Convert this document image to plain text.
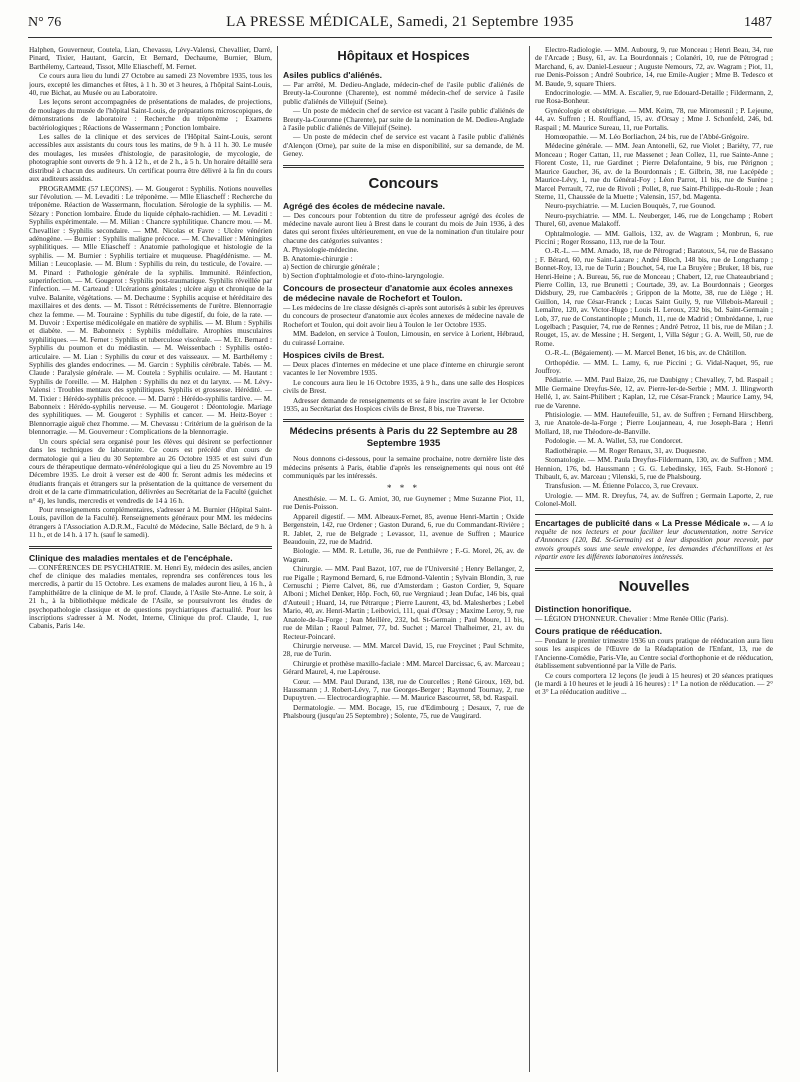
N° 76	LA PRESSE MÉDICALE, Samedi, 21 Septembre 1935	1487

Halphen, Gouverneur, Coutela, Lian, Chevassu, Lévy-Valensi, Chevallier, Darré, Pinard, Tixier, Hautant, Garcin, Et Bernard, Dechaume, Burnier, Blum, Barthélemy, Carteaud, Tissot, Mlle Eliascheff, M. Fernet.

Ce cours aura lieu du lundi 27 Octobre au samedi 23 Novembre 1935, tous les jours, excepté les dimanches et fêtes, à 1 h. 30 et 3 heures, à l'hôpital Saint-Louis, 40, rue Bichat, au Musée ou au Laboratoire.

Les leçons seront accompagnées de présentations de malades, de projections, de moulages du musée de l'hôpital Saint-Louis, de préparations microscopiques, de démonstrations de laboratoire : Recherche du tréponème ; Examens bactériologiques ; Réactions de Wassermann ; Ponction lombaire.

Les salles de la clinique et des services de l'Hôpital Saint-Louis, seront accessibles aux assistants du cours tous les matins, de 9 h. à 11 h. 30. Le musée des moulages, les musées d'histologie, de parasitologie, de mycologie, de photographie sont ouverts de 9 h. à 12 h., et de 2 h., à 5 h. Un horaire détaillé sera distribué à chacun des auditeurs. Un certificat pourra être délivré à la fin du cours aux auditeurs assidus.

PROGRAMME (57 LEÇONS). — M. Gougerot : Syphilis. Notions nouvelles sur l'évolution. — M. Levaditi : Le tréponème. — Mlle Eliascheff : Recherche du tréponème. Réaction de Wassermann, floculation. Sérologie de la syphilis. — M. Sézary : Ponction lombaire. Étude du liquide céphalo-rachidien. — M. Levaditi : Syphilis expérimentale. — M. Milian : Chancre syphilitique. Chancre mou. — M. Chevallier : Syphilis secondaire. — MM. Nicolas et Favre : Ulcère vénérien adénogène. — Burnier : Syphilis maligne précoce. — M. Chevallier : Méningites syphilitiques. — Mlle Eliascheff : Anatomie pathologique et histologie de la syphilis. — M. Burnier : Syphilis tertiaire et muqueuse. Phagédénisme. — M. Milian : Leucoplasie. — M. Blum : Syphilis du rein, du testicule, de l'ovaire. — M. Pinard : Pathologie générale de la syphilis. Immunité. Réinfection, superinfection. — M. Gougerot : Syphilis post-traumatique. Syphilis réveillée par l'infection. — M. Carteaud : Ulcérations génitales ; ulcère aigu et chronique de la vulve. Balanite, végétations. — M. Dechaume : Syphilis acquise et héréditaire des maxillaires et des dents. — M. Tissot : Rétrécissements de l'urètre. Blennorragie chez la femme. — M. Touraine : Syphilis du tube digestif, du foie, de la rate. — M. Duvoir : Expertise médicolégale en matière de syphilis. — M. Blum : Syphilis et diabète. — M. Babonneix : Syphilis médullaire. Atrophies musculaires syphilitiques. — M. Fernet : Syphilis et tuberculose viscérale. — M. Et. Bernard : Syphilis du poumon et du médiastin. — M. Weissenbach : Syphilis ostéo-articulaire. — M. Lian : Syphilis du cœur et des vaisseaux. — M. Barthélemy : Syphilis des glandes endocrines. — M. Garcin : Syphilis cérébrale. Tabès. — M. Claude : Paralysie générale. — M. Coutela : Syphilis oculaire. — M. Hautant : Syphilis de l'oreille. — M. Halphen : Syphilis du nez et du larynx. — M. Lévy-Valensi : Troubles mentaux des syphilitiques. Syphilis et grossesse. Hérédité. — M. Tixier : Hérédo-syphilis précoce. — M. Darré : Hérédo-syphilis tardive. — M. Babonneix : Hérédo-syphilis nerveuse. — M. Gougerot : Déontologie. Mariage des syphilitiques. — M. Gougerot : Syphilis et cancer. — M. Heitz-Boyer : Blennorragie aiguë chez l'homme. — M. Chevassu : Critérium de la guérison de la blennorragie. — M. Gouverneur : Complications de la blennorragie.

Un cours spécial sera organisé pour les élèves qui désirent se perfectionner dans les techniques de laboratoire. Ce cours est précédé d'un cours de dermatologie qui a lieu du 30 Septembre au 26 Octobre 1935 et est suivi d'un cours de thérapeutique dermato-vénéréologique qui a lieu du 25 Novembre au 19 Décembre 1935. Le droit à verser est de 400 fr. Seront admis les médecins et étudiants français et étrangers sur la présentation de la quittance de versement du droit et de la carte d'immatriculation, délivrées au Secrétariat de la Faculté (guichet n° 4), les lundis, mercredis et vendredis de 14 à 16 h.

Pour renseignements complémentaires, s'adresser à M. Burnier (Hôpital Saint-Louis, pavillon de la Faculté). Renseignements généraux pour MM. les médecins étrangers à l'Association A.D.R.M., Faculté de Médecine, Salle Béclard, de 9 h. à 11 h., et de 14 h. à 17 h. (sauf le samedi).

Clinique des maladies mentales et de l'encéphale.

— CONFÉRENCES DE PSYCHIATRIE. M. Henri Ey, médecin des asiles, ancien chef de clinique des maladies mentales, reprendra ses conférences tous les mercredis, à partir du 15 Octobre. Les examens de malades auront lieu, à 16 h., à l'amphithéâtre de la clinique de M. le prof. Claude, à l'Asile Ste-Anne. Le soir, à 21 h., à la bibliothèque médicale de l'Asile, se poursuivront les études de psychopathologie classique et de questions psychiatriques d'actualité. Pour les inscriptions s'adresser à M. Nodet, Interne, Clinique du prof. Claude, 1, rue Cabanis, Paris 14e.

Hôpitaux et Hospices
Asiles publics d'aliénés.

— Par arrêté, M. Dedieu-Anglade, médecin-chef de l'asile public d'aliénés de Breuty-la-Couronne (Charente), est nommé médecin-chef de service à l'asile public d'aliénés de Villejuif (Seine).

— Un poste de médecin chef de service est vacant à l'asile public d'aliénés de Breuty-la-Couronne (Charente), par suite de la nomination de M. Dedieu-Anglade à l'asile public d'aliénés de Villejuif (Seine).

— Un poste de médecin chef de service est vacant à l'asile public d'aliénés d'Alençon (Orne), par suite de la mise en disponibilité, sur sa demande, de M. Geney.

Concours
Agrégé des écoles de médecine navale.

— Des concours pour l'obtention du titre de professeur agrégé des écoles de médecine navale auront lieu à Brest dans le courant du mois de Juin 1936, à des dates qui seront fixées ultérieurement, en vue de la nomination d'un titulaire pour chacune des catégories suivantes :

A. Physiologie-médecine.

B. Anatomie-chirurgie :

a) Section de chirurgie générale ;

b) Section d'ophtalmologie et d'oto-rhino-laryngologie.

Concours de prosecteur d'anatomie aux écoles annexes de médecine navale de Rochefort et Toulon.

— Les médecins de 1re classe désignés ci-après sont autorisés à subir les épreuves du concours de prosecteur d'anatomie aux écoles annexes de médecine navale de Rochefort et Toulon, qui doit avoir lieu à Toulon le 1er Octobre 1935.

MM. Badelon, en service à Toulon, Limousin, en service à Lorient, Hébraud, du cuirassé Lorraine.

Hospices civils de Brest.

— Deux places d'internes en médecine et une place d'interne en chirurgie seront vacantes le 1er Novembre 1935.

Le concours aura lieu le 16 Octobre 1935, à 9 h., dans une salle des Hospices civils de Brest.

Adresser demande de renseignements et se faire inscrire avant le 1er Octobre 1935, au Secrétariat des Hospices civils de Brest, 8 bis, rue Traverse.

Médecins présents à Paris du 22 Septembre au 28 Septembre 1935

Nous donnons ci-dessous, pour la semaine prochaine, notre dernière liste des médecins présents à Paris, établie d'après les renseignements qui nous ont été communiqués par les intéressés.

* * *

Anesthésie. — M. L. G. Amiot, 30, rue Guynemer ; Mme Suzanne Piot, 11, rue Denis-Poisson.

Appareil digestif. — MM. Albeaux-Fernet, 85, avenue Henri-Martin ; Oxide Bergenstein, 142, rue Ordener ; Gaston Durand, 6, rue du Commandant-Rivière ; R. Jablet, 2, rue de Belgrade ; Levassor, 11, avenue de Suffren ; Maurice Beaudouin, 22, rue de Madrid.

Biologie. — MM. R. Letulle, 36, rue de Penthièvre ; F.-G. Morel, 26, av. de Wagram.

Chirurgie. — MM. Paul Bazot, 107, rue de l'Université ; Henry Bellanger, 2, rue Pigalle ; Raymond Bernard, 6, rue Edmond-Valentin ; Sylvain Blondin, 3, rue Cernuschi ; Pierre Calvet, 86, rue d'Amsterdam ; Gaston Cordier, 9, Square Alboni ; Michel Denker, Hôp. Foch, 60, rue Vergniaud ; Jean Dufac, 146 bis, quai d'Auteuil ; Huard, 14, rue Pétrarque ; Pierre Laurent, 43, bd. Malesherbes ; Lebel Mario, 40, av. Henri-Martin ; Leibovici, 111, quai d'Orsay ; Maxime Leroy, 9, rue Anatole-de-la-Forge ; Jean Meillère, 232, bd. St-Germain ; Paul Moure, 11 bis, rue de Milan ; Raoul Palmer, 77, bd. Suchet ; Marcel Thalheimer, 21, av. du Recteur-Poincaré.

Chirurgie nerveuse. — MM. Marcel David, 15, rue Freycinet ; Paul Schmite, 28, rue de Turin.

Chirurgie et prothèse maxillo-faciale : MM. Marcel Darcissac, 6, av. Marceau ; Gérard Maurel, 4, rue Lapérouse.

Cœur. — MM. Paul Durand, 138, rue de Courcelles ; René Giroux, 169, bd. Haussmann ; J. Robert-Lévy, 7, rue Georges-Berger ; Raymond Tournay, 2, rue Dupuytren. — Electrocardiographie. — M. Maurice Bascourret, 58, bd. Raspail.

Dermatologie. — MM. Bocage, 15, rue d'Edimbourg ; Desaux, 7, rue de Phalsbourg (jusqu'au 25 Septembre) ; Solente, 75, rue de Vaugirard.

Electro-Radiologie. — MM. Aubourg, 9, rue Monceau ; Henri Beau, 34, rue de l'Arcade ; Busy, 61, av. La Bourdonnais ; Colanéri, 10, rue de Pétrograd ; Marchand, 6, av. Daniel-Lesueur ; Auguste Nemours, 72, av. Wagram ; Piot, 11, rue Denis-Poisson ; André Soubrice, 14, rue Emile-Augier ; Mme B. Tedesco et M. Baude, 9, square Thiers.

Endocrinologie. — MM. A. Escalier, 9, rue Edouard-Detaille ; Fildermann, 2, rue Rosa-Bonheur.

Gynécologie et obstétrique. — MM. Keim, 78, rue Miromesnil ; P. Lejeune, 44, av. Suffren ; H. Rouffiand, 15, av. d'Orsay ; Mme J. Schonfeld, 246, bd. Raspail ; M. Maurice Sureau, 11, rue Portalis.

Homœopathie. — M. Léo Borliachon, 24 bis, rue de l'Abbé-Grégoire.

Médecine générale. — MM. Jean Antonelli, 62, rue Violet ; Bariéty, 77, rue Monceau ; Roger Cattan, 11, rue Massenet ; Jean Collez, 11, rue Sainte-Anne ; Florent Coste, 11, rue Gardinet ; Pierre Delafontaine, 9 bis, rue Pérignon ; Maurice Gaucher, 36, av. de la Bourdonnais ; E. Gilbrin, 38, rue Lacépède ; Maurice-Lévy, 1, rue du Général-Foy ; Léon Parrot, 11 bis, rue de Surène ; Marcel Perrault, 72, rue de Rivoli ; Pollet, 8, rue Saint-Philippe-du-Roule ; Jean Sterne, 11, Chaussée de la Muette ; Valensin, 157, bd. Magenta.

Neuro-psychiatrie. — M. Lucien Bouquès, 7, rue Gounod.

Neuro-psychiatrie. — MM. L. Neuberger, 146, rue de Longchamp ; Robert Thurel, 60, avenue Malakoff.

Ophtalmologie. — MM. Gallois, 132, av. de Wagram ; Monbrun, 6, rue Piccini ; Roger Rossano, 113, rue de la Tour.

O.-R.-L. — MM. Amado, 18, rue de Pétrograd ; Baratoux, 54, rue de Bassano ; F. Bérard, 60, rue Saint-Lazare ; André Bloch, 148 bis, rue de Longchamp ; Bonnet-Roy, 13, rue de Turin ; Bouchet, 54, rue La Bruyère ; Bruker, 18 bis, rue Henri-Heine ; A. Bureau, 56, rue de Monceau ; Chabert, 12, rue Chateaubriand ; Pierre Collin, 13, rue Brunetti ; Courtade, 39, av. La Bourdonnais ; Georges Didsbury, 29, rue Cambacérès ; Grippon de la Motte, 38, rue de Liège ; H. Guillon, 14, rue César-Franck ; Lucas Saint Guily, 9, rue Villebois-Mareuil ; Lemaître, 120, av. Victor-Hugo ; Louis H. Leroux, 232 bis, bd. Saint-Germain ; Lob, 37, rue de Constantinople ; Munch, 11, rue de Madrid ; Ombrédanne, 1, rue Logelbach ; Pasquier, 74, rue de Rennes ; André Petroz, 11 bis, rue de Milan ; J. Rouget, 15, av. de Messine ; H. Sergent, 1, Villa Ségur ; G. A. Weill, 50, rue de Rome.

O.-R.-L. (Bégaiement). — M. Marcel Benet, 16 bis, av. de Châtillon.

Orthopédie. — MM. L. Lamy, 6, rue Piccini ; G. Vidal-Naquet, 95, rue Jouffroy.

Pédiatrie. — MM. Paul Baize, 26, rue Daubigny ; Chevalley, 7, bd. Raspail ; Mlle Germaine Dreyfus-Sée, 12, av. Pierre-Ier-de-Serbie ; MM. J. Illingworth Hellé, 1, av. Saint-Philibert ; Kaplan, 12, rue César-Franck ; Maurice Lamy, 94, rue de Varenne.

Phtisiologie. — MM. Hautefeuille, 51, av. de Suffren ; Fernand Hirschberg, 3, rue Anatole-de-la-Forge ; Pierre Loujanneau, 4, rue Joseph-Bara ; Henri Mollard, 18, rue Théodore-de-Banville.

Podologie. — M. A. Wallet, 53, rue Condorcet.

Radiothérapie. — M. Roger Renaux, 31, av. Duquesne.

Stomatologie. — MM. Paula Dreyfus-Fildermann, 130, av. de Suffren ; MM. Hennion, 176, bd. Haussmann ; G. G. Lebedinsky, 165, Faub. St-Honoré ; Thibault, 6, av. Marceau ; Vilenski, 5, rue de Phalsbourg.

Transfusion. — M. Étienne Polacco, 3, rue Crevaux.

Urologie. — MM. R. Dreyfus, 74, av. de Suffren ; Germain Laporte, 2, rue Colonel-Moll.

Encartages de publicité dans « La Presse Médicale ». — A la requête de nos lecteurs et pour faciliter leur documentation, notre Service d'Annonces (120, Bd. St-Germain) est à leur disposition pour recevoir, par envois groupés sous une seule enveloppe, les demandes d'échantillons et les répartir entre les différents laboratoires intéressés.
Nouvelles
Distinction honorifique.

— LÉGION D'HONNEUR. Chevalier : Mme Renée Ollic (Paris).

Cours pratique de rééducation.

— Pendant le premier trimestre 1936 un cours pratique de rééducation aura lieu sous les auspices de l'Œuvre de la Réadaptation de l'Enfant, 13, rue de l'Ancienne-Comédie, Paris-VIe, au Centre social d'orthophonie et de rééducation, établissement subventionné par la Ville de Paris.

Ce cours comportera 12 leçons (le jeudi à 15 heures) et 20 séances pratiques (le mardi à 10 heures et le jeudi à 16 heures) : 1° La notion de rééducation. — 2° et 3° La rééducation auditive ...
